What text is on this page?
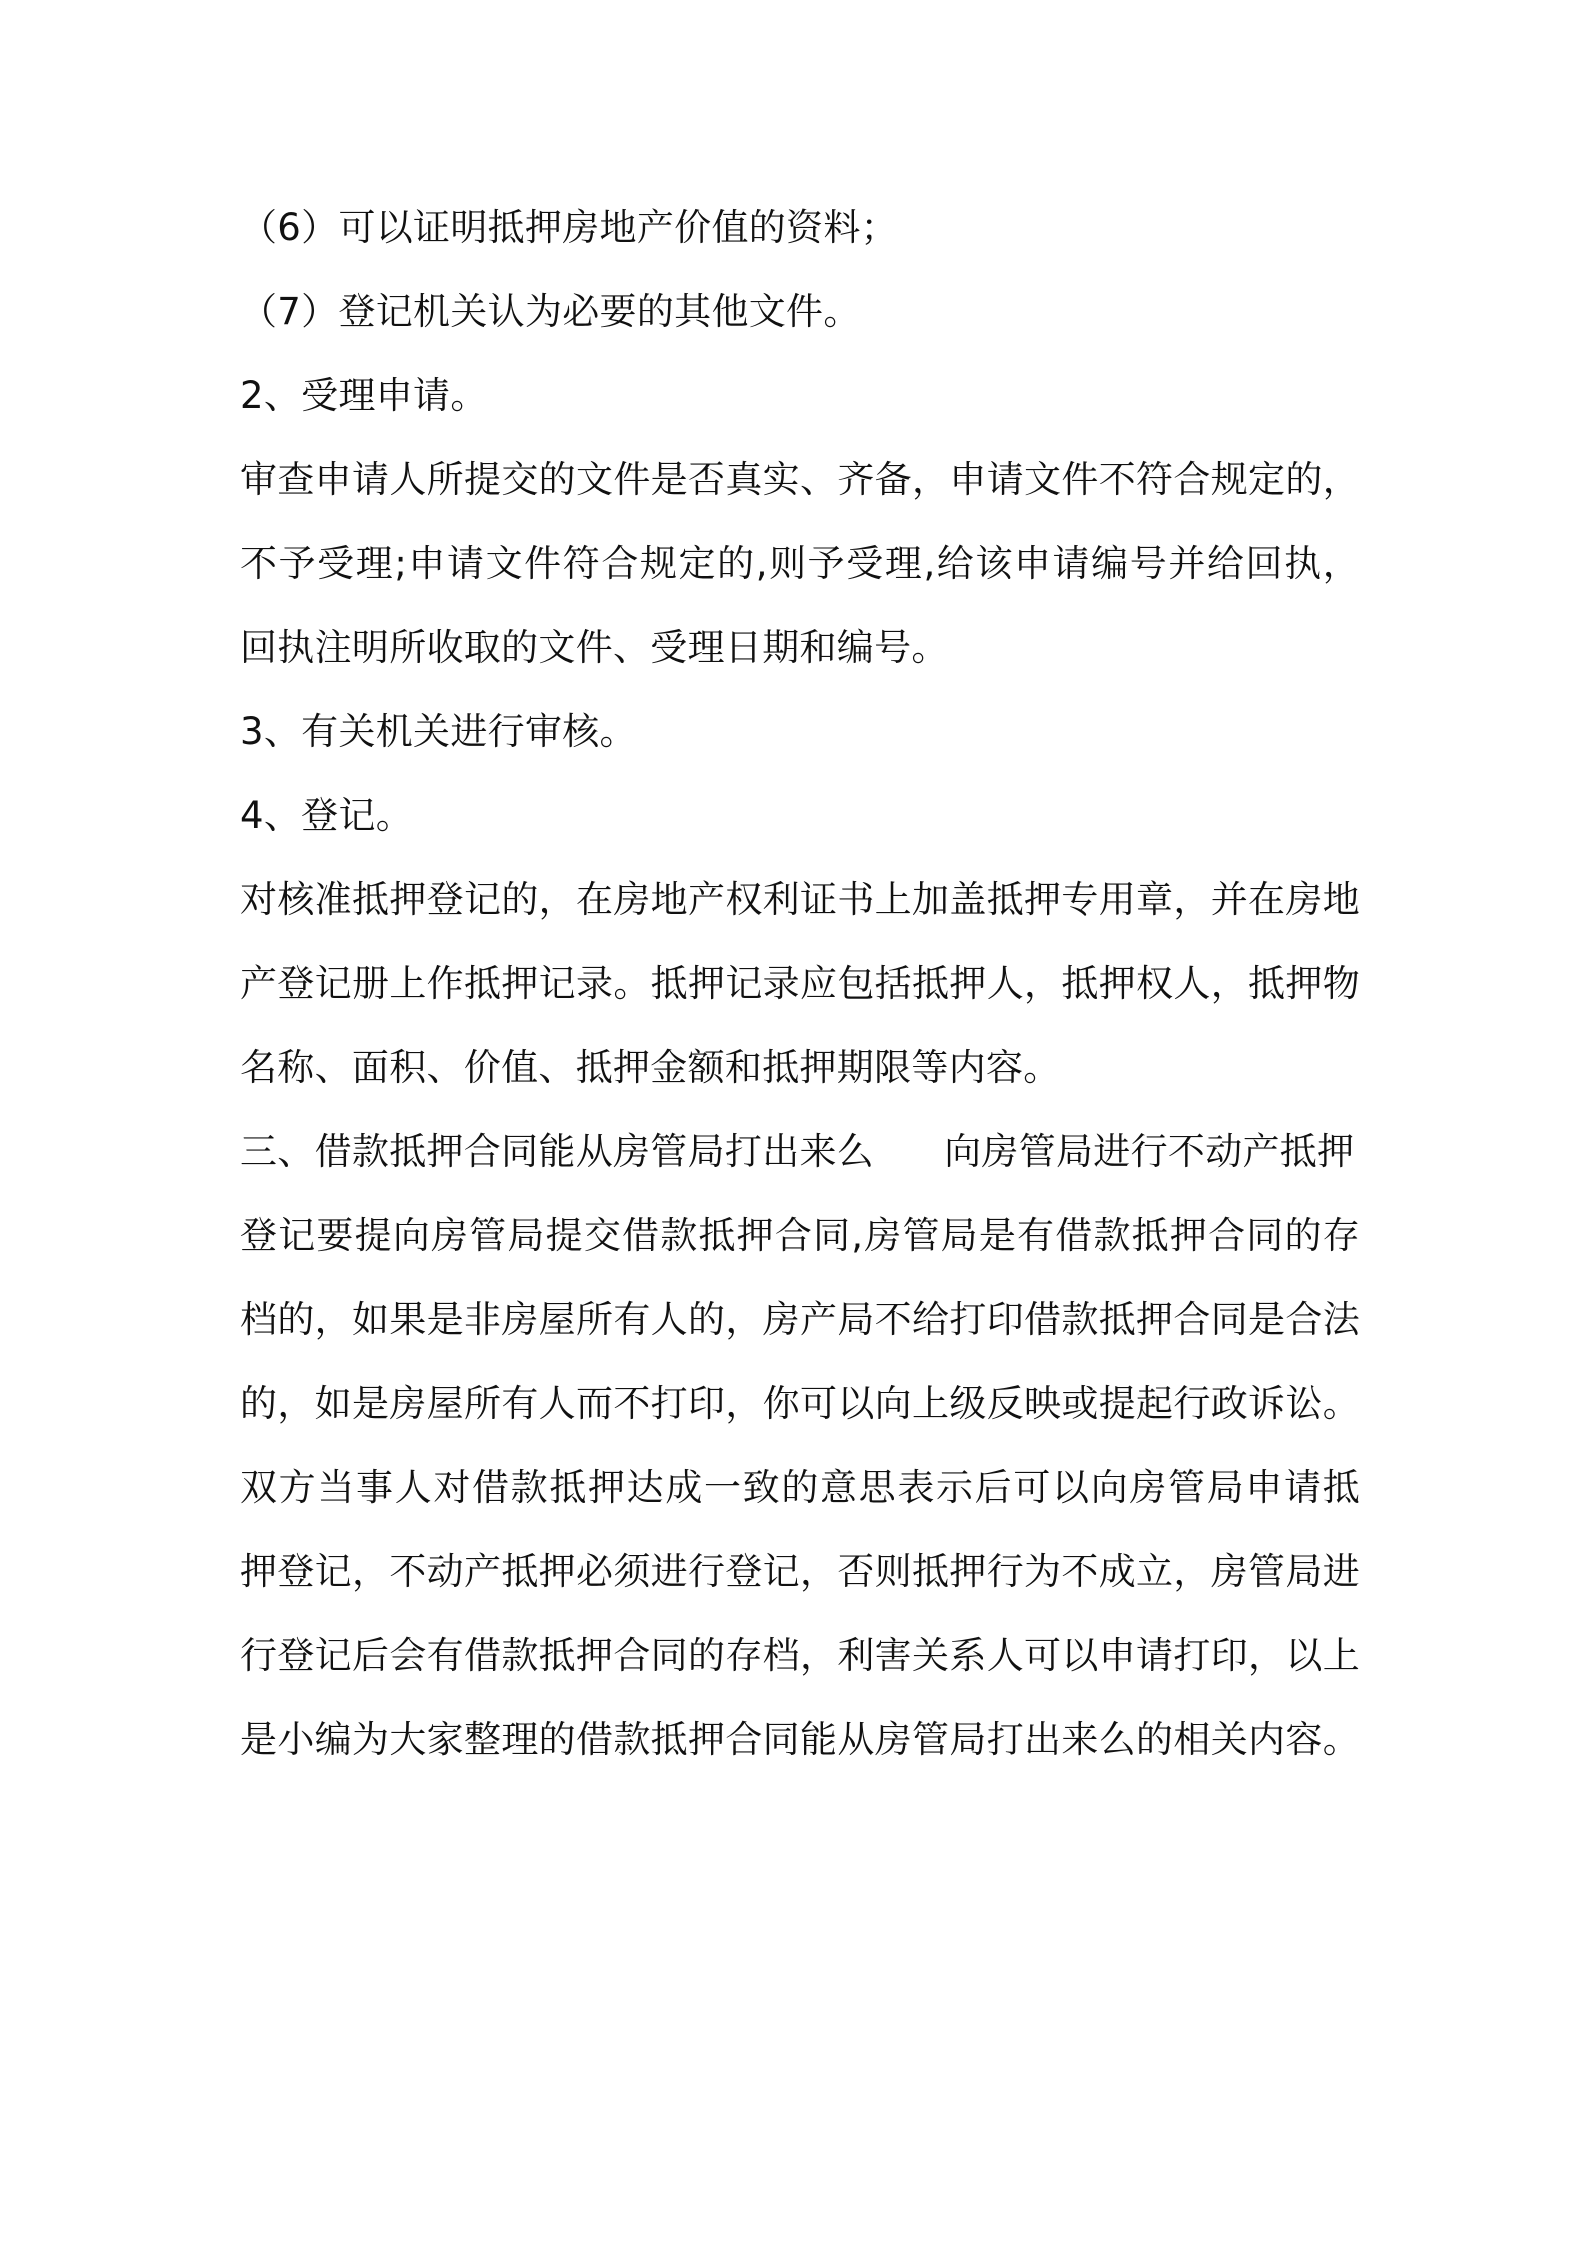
（6）可以证明抵押房地产价值的资料；
（7）登记机关认为必要的其他文件。
2、受理申请。
审查申请人所提交的文件是否真实、齐备，申请文件不符合规定的，
不予受理;申请文件符合规定的,则予受理,给该申请编号并给回执，
回执注明所收取的文件、受理日期和编号。
3、有关机关进行审核。
4、登记。
对核准抵押登记的，在房地产权利证书上加盖抵押专用章，并在房地
产登记册上作抵押记录。抵押记录应包括抵押人，抵押权人，抵押物
名称、面积、价值、抵押金额和抵押期限等内容。
三、借款抵押合同能从房管局打出来么 向房管局进行不动产抵押
登记要提向房管局提交借款抵押合同,房管局是有借款抵押合同的存
档的，如果是非房屋所有人的，房产局不给打印借款抵押合同是合法
的，如是房屋所有人而不打印，你可以向上级反映或提起行政诉讼。
双方当事人对借款抵押达成一致的意思表示后可以向房管局申请抵
押登记，不动产抵押必须进行登记，否则抵押行为不成立，房管局进
行登记后会有借款抵押合同的存档，利害关系人可以申请打印，以上
是小编为大家整理的借款抵押合同能从房管局打出来么的相关内容。
